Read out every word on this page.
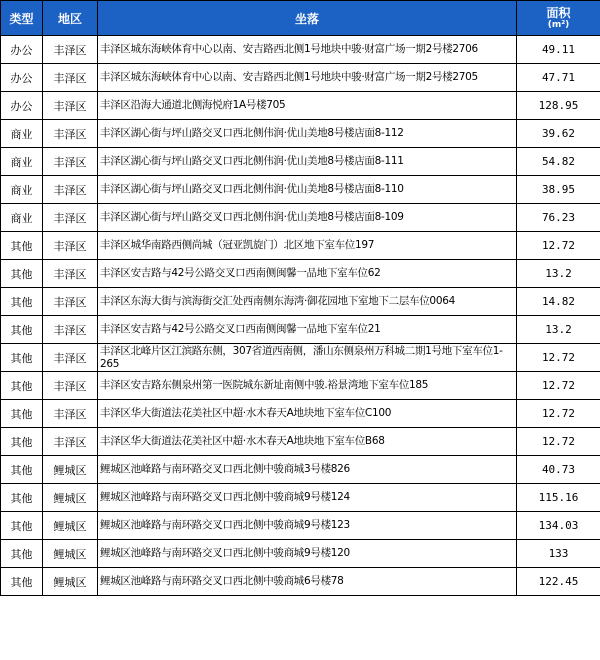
类型	地区	坐落	面积
(m²)

办公	丰泽区	丰泽区城东海峡体育中心以南、安吉路西北侧1号地块中骏·财富广场一期2号楼2706	49.11
办公	丰泽区	丰泽区城东海峡体育中心以南、安吉路西北侧1号地块中骏·财富广场一期2号楼2705	47.71
办公	丰泽区	丰泽区沿海大通道北侧海悦府1A号楼705	128.95
商业	丰泽区	丰泽区湖心街与坪山路交叉口西北侧伟润·优山美地8号楼店面8-112	39.62
商业	丰泽区	丰泽区湖心街与坪山路交叉口西北侧伟润·优山美地8号楼店面8-111	54.82
商业	丰泽区	丰泽区湖心街与坪山路交叉口西北侧伟润·优山美地8号楼店面8-110	38.95
商业	丰泽区	丰泽区湖心街与坪山路交叉口西北侧伟润·优山美地8号楼店面8-109	76.23
其他	丰泽区	丰泽区城华南路西侧尚城（冠亚凯旋门）北区地下室车位197	12.72
其他	丰泽区	丰泽区安吉路与42号公路交叉口西南侧闽馨一品地下室车位62	13.2
其他	丰泽区	丰泽区东海大街与滨海街交汇处西南侧东海湾·御花园地下室地下二层车位0064	14.82
其他	丰泽区	丰泽区安吉路与42号公路交叉口西南侧闽馨一品地下室车位21	13.2
其他	丰泽区	丰泽区北峰片区江滨路东侧，307省道西南侧，潘山东侧泉州万科城二期1号地下室车位1-265	12.72
其他	丰泽区	丰泽区安吉路东侧泉州第一医院城东新址南侧中骏.裕景湾地下室车位185	12.72
其他	丰泽区	丰泽区华大街道法花美社区中超·水木春天A地块地下室车位C100	12.72
其他	丰泽区	丰泽区华大街道法花美社区中超·水木春天A地块地下室车位B68	12.72
其他	鲤城区	鲤城区池峰路与南环路交叉口西北侧中骏商城3号楼826	40.73
其他	鲤城区	鲤城区池峰路与南环路交叉口西北侧中骏商城9号楼124	115.16
其他	鲤城区	鲤城区池峰路与南环路交叉口西北侧中骏商城9号楼123	134.03
其他	鲤城区	鲤城区池峰路与南环路交叉口西北侧中骏商城9号楼120	133
其他	鲤城区	鲤城区池峰路与南环路交叉口西北侧中骏商城6号楼78	122.45
